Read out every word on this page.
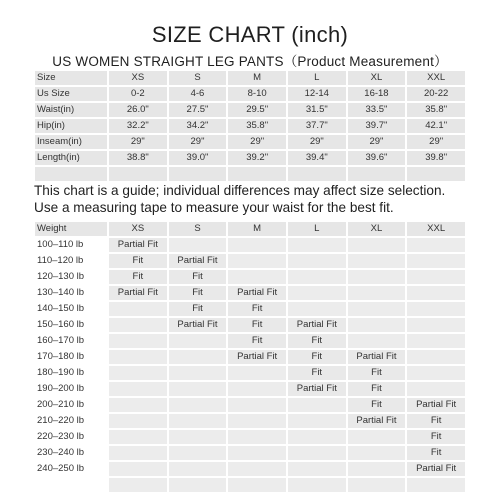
SIZE CHART (inch)
US WOMEN STRAIGHT LEG PANTS（Product Measurement）
Size	XS	S	M	L	XL	XXL
Us Size	0-2	4-6	8-10	12-14	16-18	20-22
Waist(in)	26.0"	27.5"	29.5"	31.5"	33.5"	35.8"
Hip(in)	32.2"	34.2"	35.8"	37.7"	39.7"	42.1"
Inseam(in)	29"	29"	29"	29"	29"	29"
Length(in)	38.8"	39.0"	39.2"	39.4"	39.6"	39.8"

This chart is a guide; individual differences may affect size selection.
Use a measuring tape to measure your waist for the best fit.
Weight	XS	S	M	L	XL	XXL
100–110 lb	Partial Fit					
110–120 lb	Fit	Partial Fit				
120–130 lb	Fit	Fit				
130–140 lb	Partial Fit	Fit	Partial Fit			
140–150 lb		Fit	Fit			
150–160 lb		Partial Fit	Fit	Partial Fit		
160–170 lb			Fit	Fit		
170–180 lb			Partial Fit	Fit	Partial Fit	
180–190 lb				Fit	Fit	
190–200 lb				Partial Fit	Fit	
200–210 lb					Fit	Partial Fit
210–220 lb					Partial Fit	Fit
220–230 lb						Fit
230–240 lb						Fit
240–250 lb						Partial Fit
